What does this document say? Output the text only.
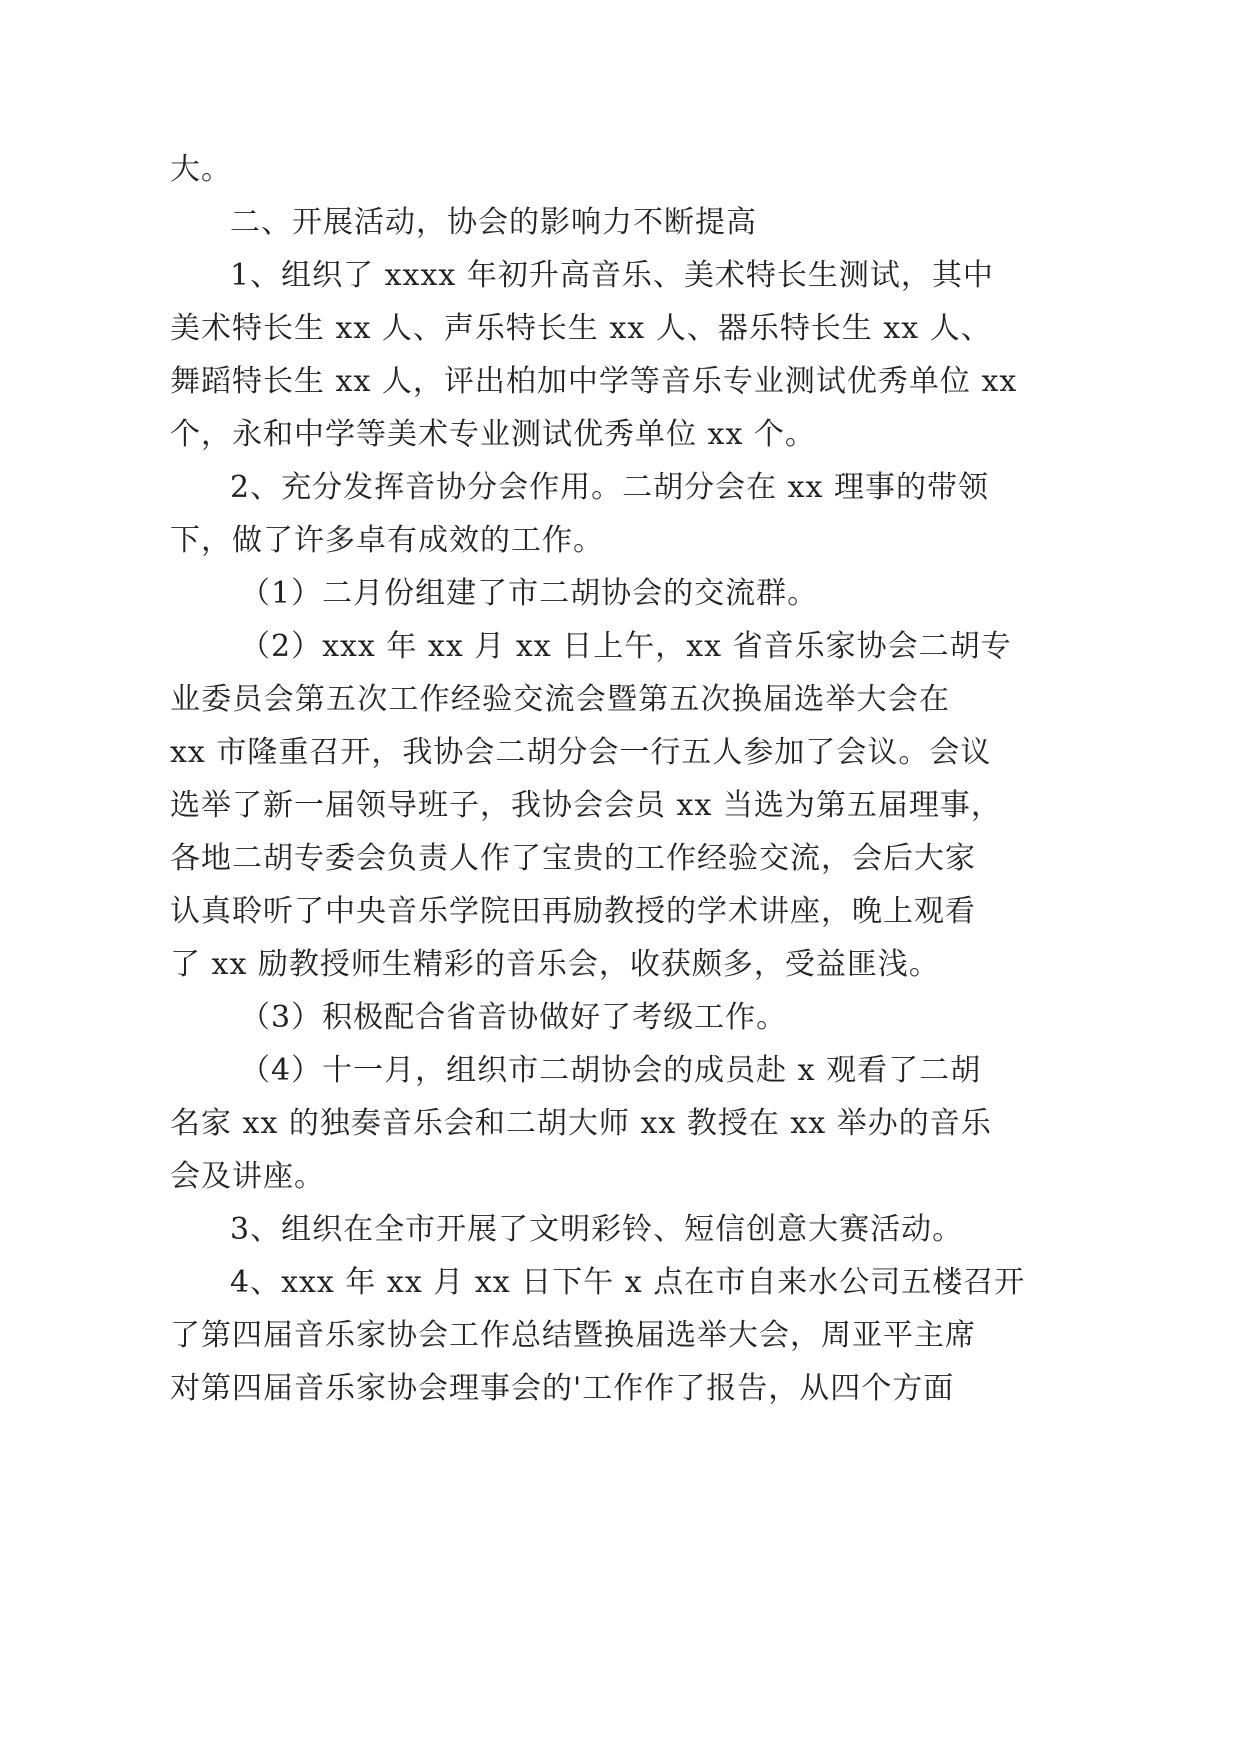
大。
二、开展活动，协会的影响力不断提高
1、组织了 xxxx 年初升高音乐、美术特长生测试，其中
美术特长生 xx 人、声乐特长生 xx 人、器乐特长生 xx 人、
舞蹈特长生 xx 人，评出柏加中学等音乐专业测试优秀单位 xx
个，永和中学等美术专业测试优秀单位 xx 个。
2、充分发挥音协分会作用。二胡分会在 xx 理事的带领
下，做了许多卓有成效的工作。
（1）二月份组建了市二胡协会的交流群。
（2）xxx 年 xx 月 xx 日上午，xx 省音乐家协会二胡专
业委员会第五次工作经验交流会暨第五次换届选举大会在
xx 市隆重召开，我协会二胡分会一行五人参加了会议。会议
选举了新一届领导班子，我协会会员 xx 当选为第五届理事，
各地二胡专委会负责人作了宝贵的工作经验交流，会后大家
认真聆听了中央音乐学院田再励教授的学术讲座，晚上观看
了 xx 励教授师生精彩的音乐会，收获颇多，受益匪浅。
（3）积极配合省音协做好了考级工作。
（4）十一月，组织市二胡协会的成员赴 x 观看了二胡
名家 xx 的独奏音乐会和二胡大师 xx 教授在 xx 举办的音乐
会及讲座。
3、组织在全市开展了文明彩铃、短信创意大赛活动。
4、xxx 年 xx 月 xx 日下午 x 点在市自来水公司五楼召开
了第四届音乐家协会工作总结暨换届选举大会，周亚平主席
对第四届音乐家协会理事会的'工作作了报告，从四个方面
